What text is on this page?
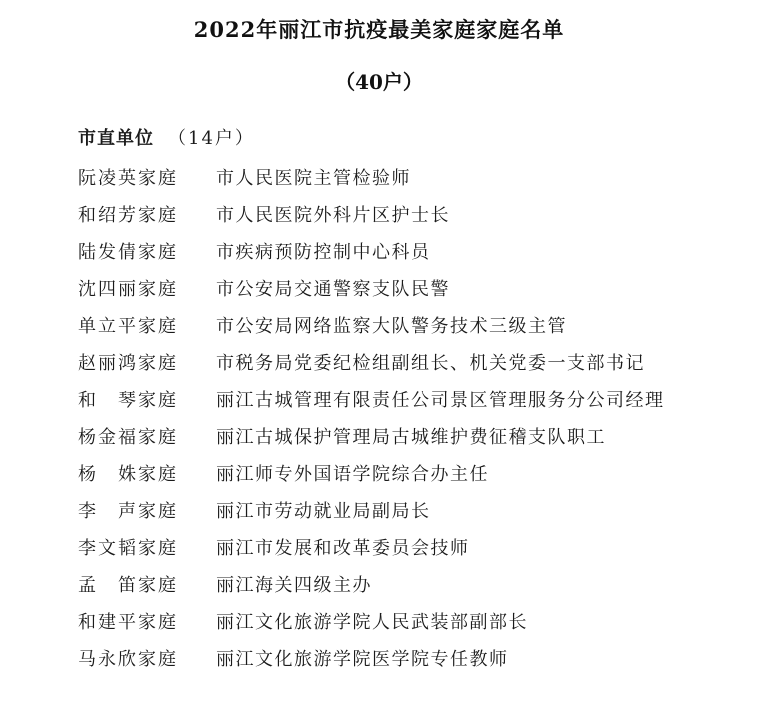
2022年丽江市抗疫最美家庭家庭名单
（40户）
市直单位 （14户）
阮凌英家庭	市人民医院主管检验师
和绍芳家庭	市人民医院外科片区护士长
陆发倩家庭	市疾病预防控制中心科员
沈四丽家庭	市公安局交通警察支队民警
单立平家庭	市公安局网络监察大队警务技术三级主管
赵丽鸿家庭	市税务局党委纪检组副组长、机关党委一支部书记
和　琴家庭	丽江古城管理有限责任公司景区管理服务分公司经理
杨金福家庭	丽江古城保护管理局古城维护费征稽支队职工
杨　姝家庭	丽江师专外国语学院综合办主任
李　声家庭	丽江市劳动就业局副局长
李文韬家庭	丽江市发展和改革委员会技师
孟　笛家庭	丽江海关四级主办
和建平家庭	丽江文化旅游学院人民武装部副部长
马永欣家庭	丽江文化旅游学院医学院专任教师
